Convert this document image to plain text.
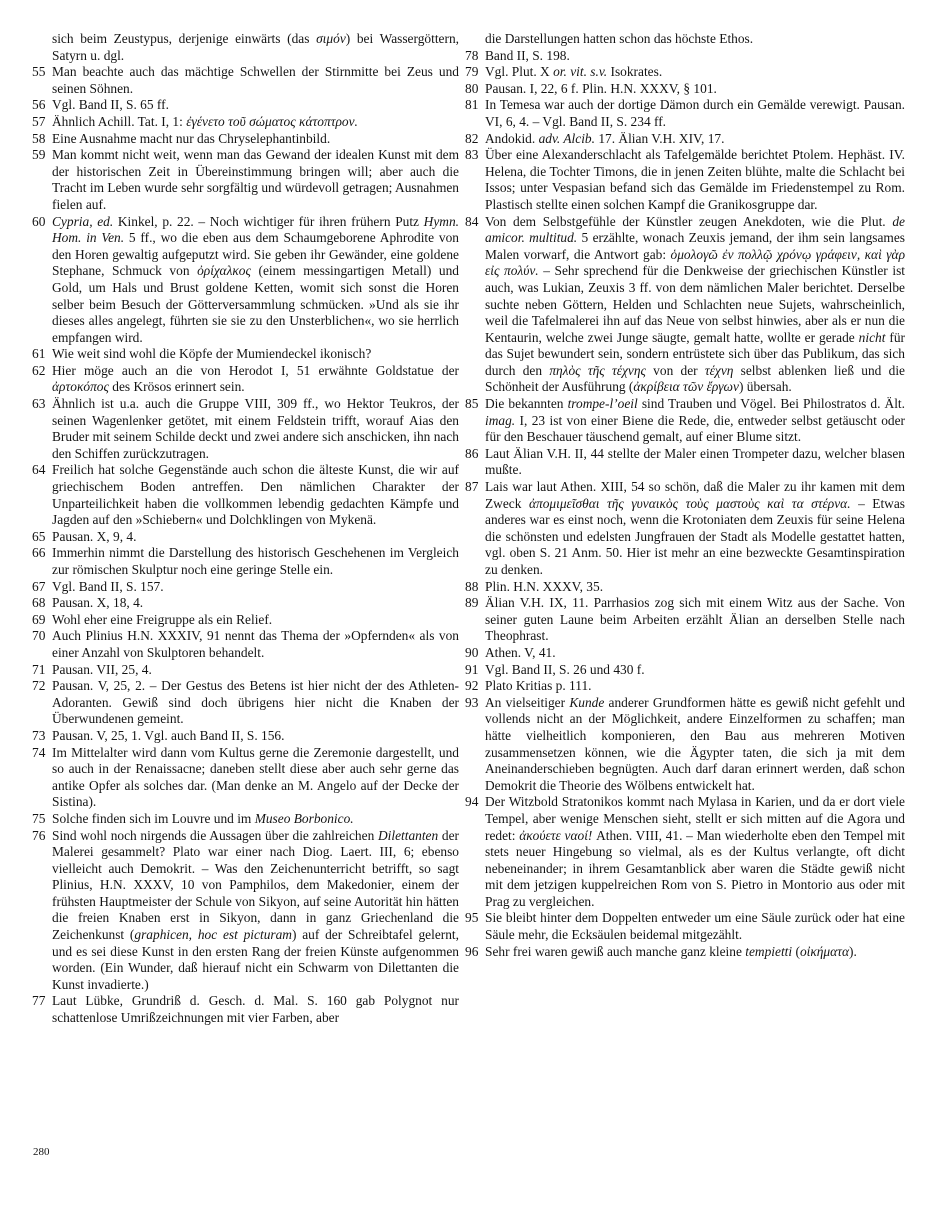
sich beim Zeustypus, derjenige einwärts (das σιμόν) bei Wassergöttern, Satyrn u. dgl.
55 Man beachte auch das mächtige Schwellen der Stirnmitte bei Zeus und seinen Söhnen.
56 Vgl. Band II, S. 65 ff.
57 Ähnlich Achill. Tat. I, 1: ἐγένετο τοῦ σώματος κάτοπτρον.
58 Eine Ausnahme macht nur das Chryselephantinbild.
59 Man kommt nicht weit, wenn man das Gewand der idealen Kunst mit dem der historischen Zeit in Übereinstimmung bringen will; aber auch die Tracht im Leben wurde sehr sorgfältig und würdevoll getragen; Ausnahmen fielen auf.
60 Cypria, ed. Kinkel, p. 22. – Noch wichtiger für ihren frühern Putz Hymn. Hom. in Ven. 5 ff., wo die eben aus dem Schaumgeborene Aphrodite von den Horen gewaltig aufgeputzt wird. Sie geben ihr Gewänder, eine goldene Stephane, Schmuck von ὀρίχαλκος (einem messingartigen Metall) und Gold, um Hals und Brust goldene Ketten, womit sich sonst die Horen selber beim Besuch der Götterversammlung schmücken. »Und als sie ihr dieses alles angelegt, führten sie sie zu den Unsterblichen«, wo sie herrlich empfangen wird.
61 Wie weit sind wohl die Köpfe der Mumiendeckel ikonisch?
62 Hier möge auch an die von Herodot I, 51 erwähnte Goldstatue der ἀρτοκόπος des Krösos erinnert sein.
63 Ähnlich ist u.a. auch die Gruppe VIII, 309 ff., wo Hektor Teukros, der seinen Wagenlenker getötet, mit einem Feldstein trifft, worauf Aias den Bruder mit seinem Schilde deckt und zwei andere sich anschicken, ihn nach den Schiffen zurückzutragen.
64 Freilich hat solche Gegenstände auch schon die älteste Kunst, die wir auf griechischem Boden antreffen. Den nämlichen Charakter der Unparteilichkeit haben die vollkommen lebendig gedachten Kämpfe und Jagden auf den »Schiebern« und Dolchklingen von Mykenä.
65 Pausan. X, 9, 4.
66 Immerhin nimmt die Darstellung des historisch Geschehenen im Vergleich zur römischen Skulptur noch eine geringe Stelle ein.
67 Vgl. Band II, S. 157.
68 Pausan. X, 18, 4.
69 Wohl eher eine Freigruppe als ein Relief.
70 Auch Plinius H.N. XXXIV, 91 nennt das Thema der »Opfernden« als von einer Anzahl von Skulptoren behandelt.
71 Pausan. VII, 25, 4.
72 Pausan. V, 25, 2. – Der Gestus des Betens ist hier nicht der des Athleten-Adoranten. Gewiß sind doch übrigens hier nicht die Knaben der Überwundenen gemeint.
73 Pausan. V, 25, 1. Vgl. auch Band II, S. 156.
74 Im Mittelalter wird dann vom Kultus gerne die Zeremonie dargestellt, und so auch in der Renaissacne; daneben stellt diese aber auch sehr gerne das antike Opfer als solches dar. (Man denke an M. Angelo auf der Decke der Sistina).
75 Solche finden sich im Louvre und im Museo Borbonico.
76 Sind wohl noch nirgends die Aussagen über die zahlreichen Dilettanten der Malerei gesammelt? Plato war einer nach Diog. Laert. III, 6; ebenso vielleicht auch Demokrit. – Was den Zeichenunterricht betrifft, so sagt Plinius, H.N. XXXV, 10 von Pamphilos, dem Makedonier, einem der frühsten Hauptmeister der Schule von Sikyon, auf seine Autorität hin hätten die freien Knaben erst in Sikyon, dann in ganz Griechenland die Zeichenkunst (graphicen, hoc est picturam) auf der Schreibtafel gelernt, und es sei diese Kunst in den ersten Rang der freien Künste aufgenommen worden. (Ein Wunder, daß hierauf nicht ein Schwarm von Dilettanten die Kunst invadierte.)
77 Laut Lübke, Grundriß d. Gesch. d. Mal. S. 160 gab Polygnot nur schattenlose Umrißzeichnungen mit vier Farben, aber
die Darstellungen hatten schon das höchste Ethos.
78 Band II, S. 198.
79 Vgl. Plut. X or. vit. s.v. Isokrates.
80 Pausan. I, 22, 6 f. Plin. H.N. XXXV, § 101.
81 In Temesa war auch der dortige Dämon durch ein Gemälde verewigt. Pausan. VI, 6, 4. – Vgl. Band II, S. 234 ff.
82 Andokid. adv. Alcib. 17. Älian V.H. XIV, 17.
83 Über eine Alexanderschlacht als Tafelgemälde berichtet Ptolem. Hephäst. IV. Helena, die Tochter Timons, die in jenen Zeiten blühte, malte die Schlacht bei Issos; unter Vespasian befand sich das Gemälde im Friedenstempel zu Rom. Plastisch stellte einen solchen Kampf die Granikosgruppe dar.
84 Von dem Selbstgefühle der Künstler zeugen Anekdoten, wie die Plut. de amicor. multitud. 5 erzählte, wonach Zeuxis jemand, der ihm sein langsames Malen vorwarf, die Antwort gab: ὁμολογῶ ἐν πολλῷ χρόνῳ γράφειν, καὶ γὰρ εἰς πολύν. – Sehr sprechend für die Denkweise der griechischen Künstler ist auch, was Lukian, Zeuxis 3 ff. von dem nämlichen Maler berichtet. Derselbe suchte neben Göttern, Helden und Schlachten neue Sujets, wahrscheinlich, weil die Tafelmalerei ihn auf das Neue von selbst hinwies, aber als er nun die Kentaurin, welche zwei Junge säugte, gemalt hatte, wollte er gerade nicht für das Sujet bewundert sein, sondern entrüstete sich über das Publikum, das sich durch den πηλὸς τῆς τέχνης von der τέχνη selbst ablenken ließ und die Schönheit der Ausführung (ἀκρίβεια τῶν ἔργων) übersah.
85 Die bekannten trompe-l’oeil sind Trauben und Vögel. Bei Philostratos d. Ält. imag. I, 23 ist von einer Biene die Rede, die, entweder selbst getäuscht oder für den Beschauer täuschend gemalt, auf einer Blume sitzt.
86 Laut Älian V.H. II, 44 stellte der Maler einen Trompeter dazu, welcher blasen mußte.
87 Lais war laut Athen. XIII, 54 so schön, daß die Maler zu ihr kamen mit dem Zweck ἀπομιμεῖσθαι τῆς γυναικὸς τοὺς μαστοὺς καὶ τα στέρνα. – Etwas anderes war es einst noch, wenn die Krotoniaten dem Zeuxis für seine Helena die schönsten und edelsten Jungfrauen der Stadt als Modelle gestattet hatten, vgl. oben S. 21 Anm. 50. Hier ist mehr an eine bezweckte Gesamtinspiration zu denken.
88 Plin. H.N. XXXV, 35.
89 Älian V.H. IX, 11. Parrhasios zog sich mit einem Witz aus der Sache. Von seiner guten Laune beim Arbeiten erzählt Älian an derselben Stelle nach Theophrast.
90 Athen. V, 41.
91 Vgl. Band II, S. 26 und 430 f.
92 Plato Kritias p. 111.
93 An vielseitiger Kunde anderer Grundformen hätte es gewiß nicht gefehlt und vollends nicht an der Möglichkeit, andere Einzelformen zu schaffen; man hätte vielheitlich komponieren, den Bau aus mehreren Motiven zusammensetzen können, wie die Ägypter taten, die sich ja mit dem Aneinanderschieben begnügten. Auch darf daran erinnert werden, daß schon Demokrit die Theorie des Wölbens entwickelt hat.
94 Der Witzbold Stratonikos kommt nach Mylasa in Karien, und da er dort viele Tempel, aber wenige Menschen sieht, stellt er sich mitten auf die Agora und redet: ἀκούετε ναοί! Athen. VIII, 41. – Man wiederholte eben den Tempel mit stets neuer Hingebung so vielmal, als es der Kultus verlangte, oft dicht nebeneinander; in ihrem Gesamtanblick aber waren die Städte gewiß nicht mit dem jetzigen kuppelreichen Rom von S. Pietro in Montorio aus oder mit Prag zu vergleichen.
95 Sie bleibt hinter dem Doppelten entweder um eine Säule zurück oder hat eine Säule mehr, die Ecksäulen beidemal mitgezählt.
96 Sehr frei waren gewiß auch manche ganz kleine tempietti (οἰκήματα).
280
